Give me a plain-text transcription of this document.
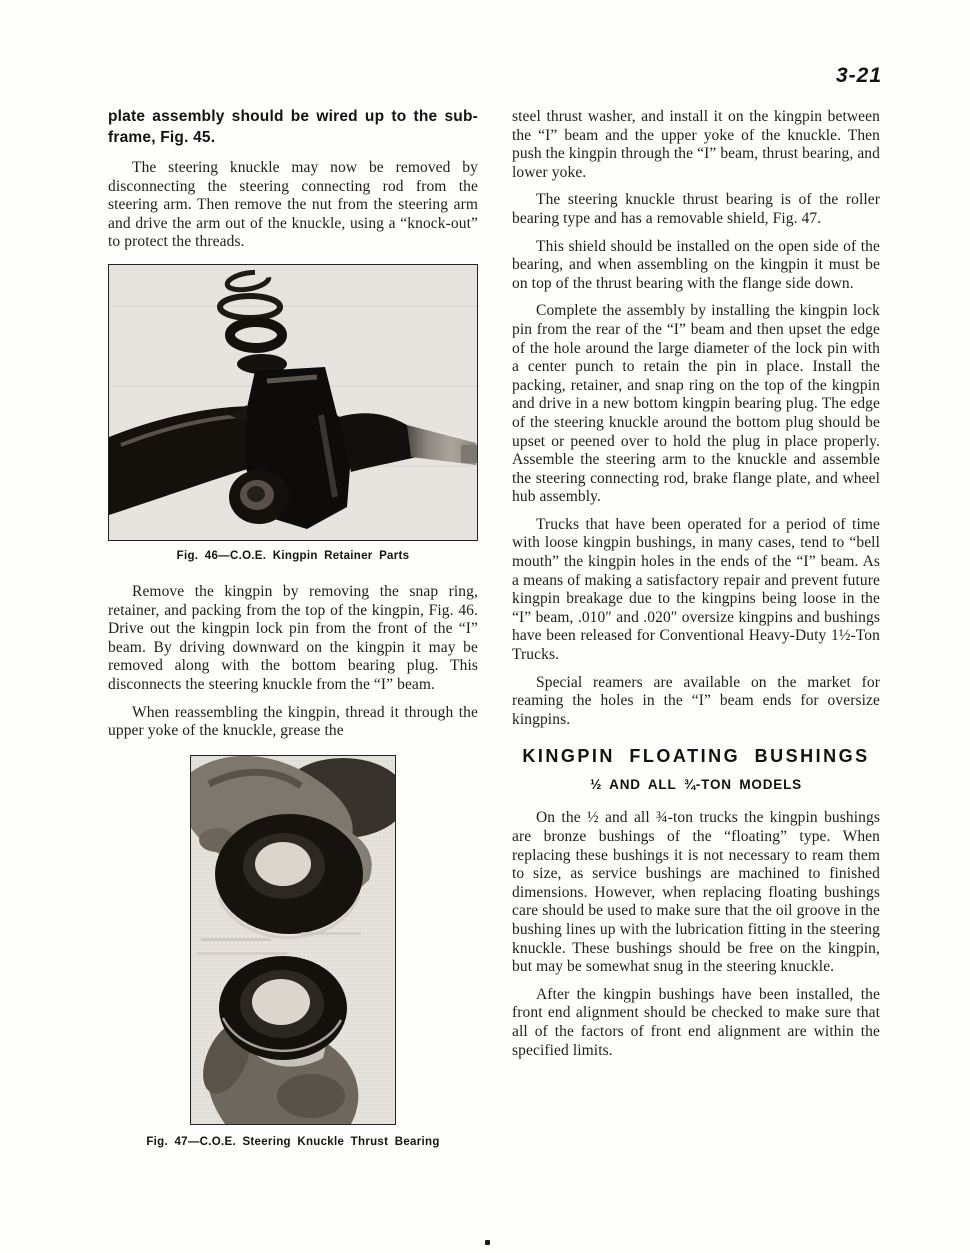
3-21

plate assembly should be wired up to the sub-frame, Fig. 45.

The steering knuckle may now be removed by disconnecting the steering connecting rod from the steering arm. Then remove the nut from the steering arm and drive the arm out of the knuckle, using a “knock-out” to protect the threads.

Fig. 46—C.O.E. Kingpin Retainer Parts

Remove the kingpin by removing the snap ring, retainer, and packing from the top of the kingpin, Fig. 46. Drive out the kingpin lock pin from the front of the “I” beam. By driving downward on the kingpin it may be removed along with the bottom bearing plug. This disconnects the steering knuckle from the “I” beam.

When reassembling the kingpin, thread it through the upper yoke of the knuckle, grease the

Fig. 47—C.O.E. Steering Knuckle Thrust Bearing

steel thrust washer, and install it on the kingpin between the “I” beam and the upper yoke of the knuckle. Then push the kingpin through the “I” beam, thrust bearing, and lower yoke.

The steering knuckle thrust bearing is of the roller bearing type and has a removable shield, Fig. 47.

This shield should be installed on the open side of the bearing, and when assembling on the kingpin it must be on top of the thrust bearing with the flange side down.

Complete the assembly by installing the kingpin lock pin from the rear of the “I” beam and then upset the edge of the hole around the large diameter of the lock pin with a center punch to retain the pin in place. Install the packing, retainer, and snap ring on the top of the kingpin and drive in a new bottom kingpin bearing plug. The edge of the steering knuckle around the bottom plug should be upset or peened over to hold the plug in place properly. Assemble the steering arm to the knuckle and assemble the steering connecting rod, brake flange plate, and wheel hub assembly.

Trucks that have been operated for a period of time with loose kingpin bushings, in many cases, tend to “bell mouth” the kingpin holes in the ends of the “I” beam. As a means of making a satisfactory repair and prevent future kingpin breakage due to the kingpins being loose in the “I” beam, .010″ and .020″ oversize kingpins and bushings have been released for Conventional Heavy-Duty 1½-Ton Trucks.

Special reamers are available on the market for reaming the holes in the “I” beam ends for oversize kingpins.

KINGPIN FLOATING BUSHINGS
½ AND ALL ¾-TON MODELS

On the ½ and all ¾-ton trucks the kingpin bushings are bronze bushings of the “floating” type. When replacing these bushings it is not necessary to ream them to size, as service bushings are machined to finished dimensions. However, when replacing floating bushings care should be used to make sure that the oil groove in the bushing lines up with the lubrication fitting in the steering knuckle. These bushings should be free on the kingpin, but may be somewhat snug in the steering knuckle.

After the kingpin bushings have been installed, the front end alignment should be checked to make sure that all of the factors of front end alignment are within the specified limits.
